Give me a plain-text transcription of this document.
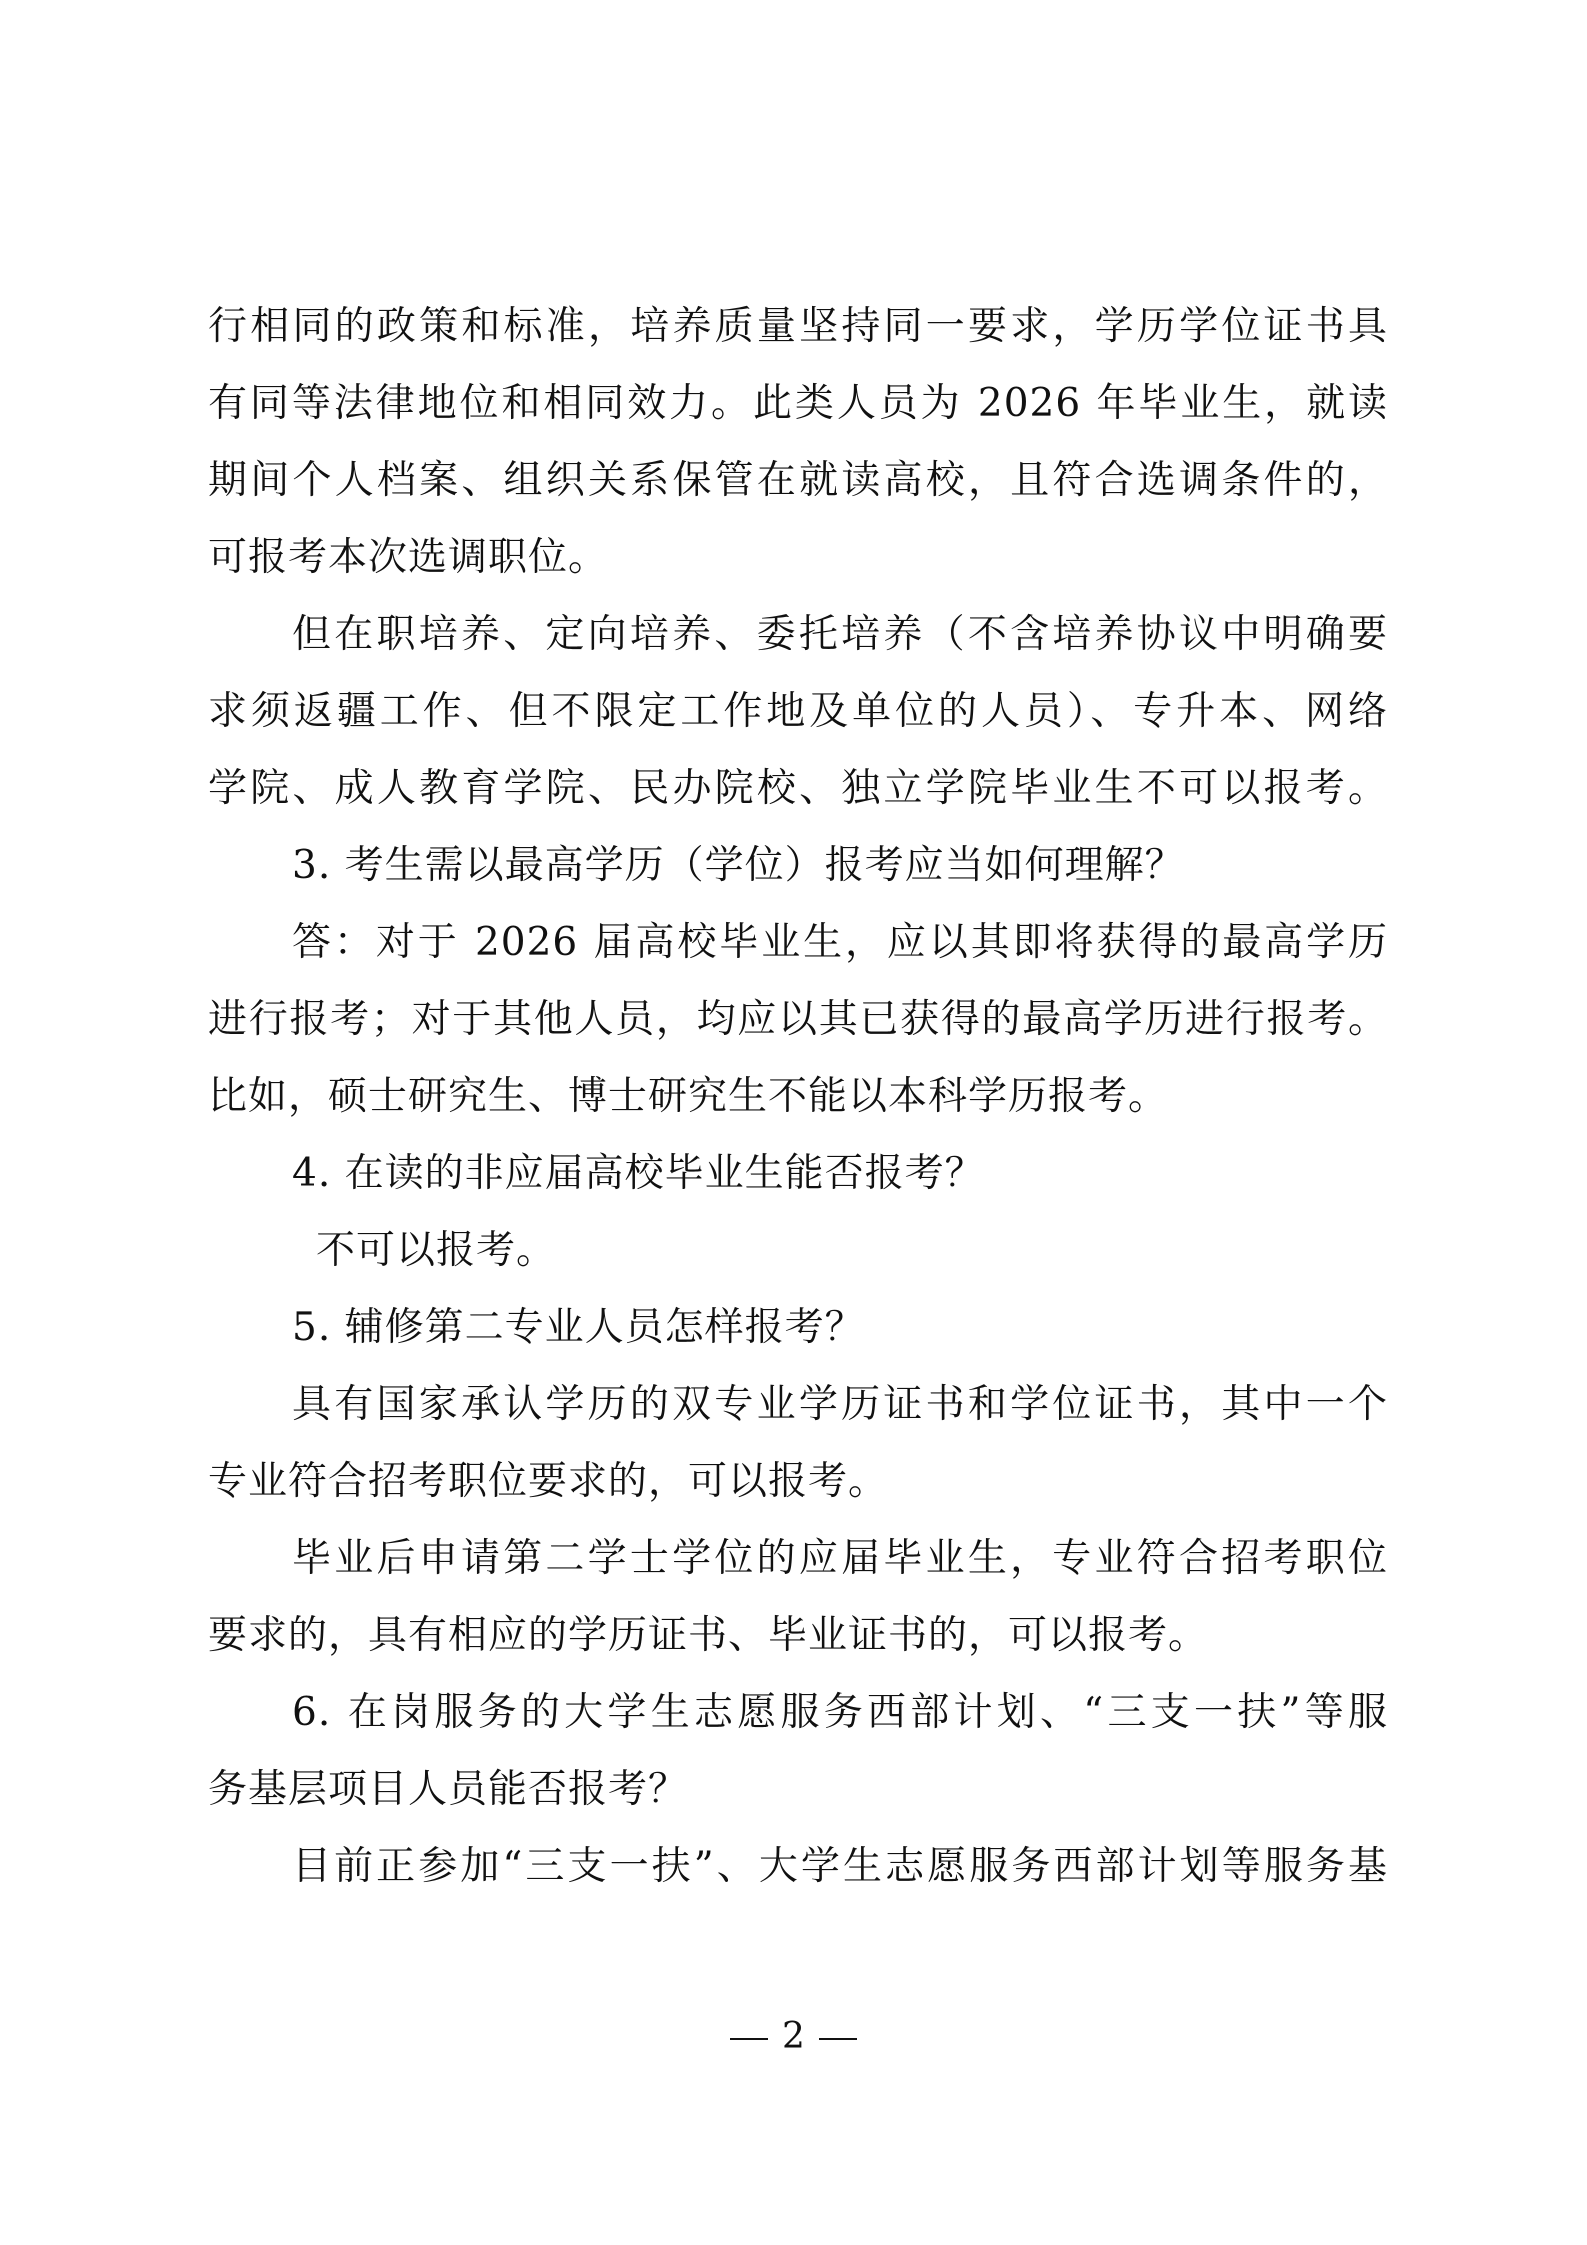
行相同的政策和标准，培养质量坚持同一要求，学历学位证书具
有同等法律地位和相同效力。此类人员为 2026 年毕业生，就读
期间个人档案、组织关系保管在就读高校，且符合选调条件的，
可报考本次选调职位。
但在职培养、定向培养、委托培养（不含培养协议中明确要
求须返疆工作、但不限定工作地及单位的人员）、专升本、网络
学院、成人教育学院、民办院校、独立学院毕业生不可以报考。
3. 考生需以最高学历（学位）报考应当如何理解？
答：对于 2026 届高校毕业生，应以其即将获得的最高学历
进行报考；对于其他人员，均应以其已获得的最高学历进行报考。
比如，硕士研究生、博士研究生不能以本科学历报考。
4. 在读的非应届高校毕业生能否报考？
不可以报考。
5. 辅修第二专业人员怎样报考？
具有国家承认学历的双专业学历证书和学位证书，其中一个
专业符合招考职位要求的，可以报考。
毕业后申请第二学士学位的应届毕业生，专业符合招考职位
要求的，具有相应的学历证书、毕业证书的，可以报考。
6. 在岗服务的大学生志愿服务西部计划、“三支一扶”等服
务基层项目人员能否报考？
目前正参加“三支一扶”、大学生志愿服务西部计划等服务基
2
